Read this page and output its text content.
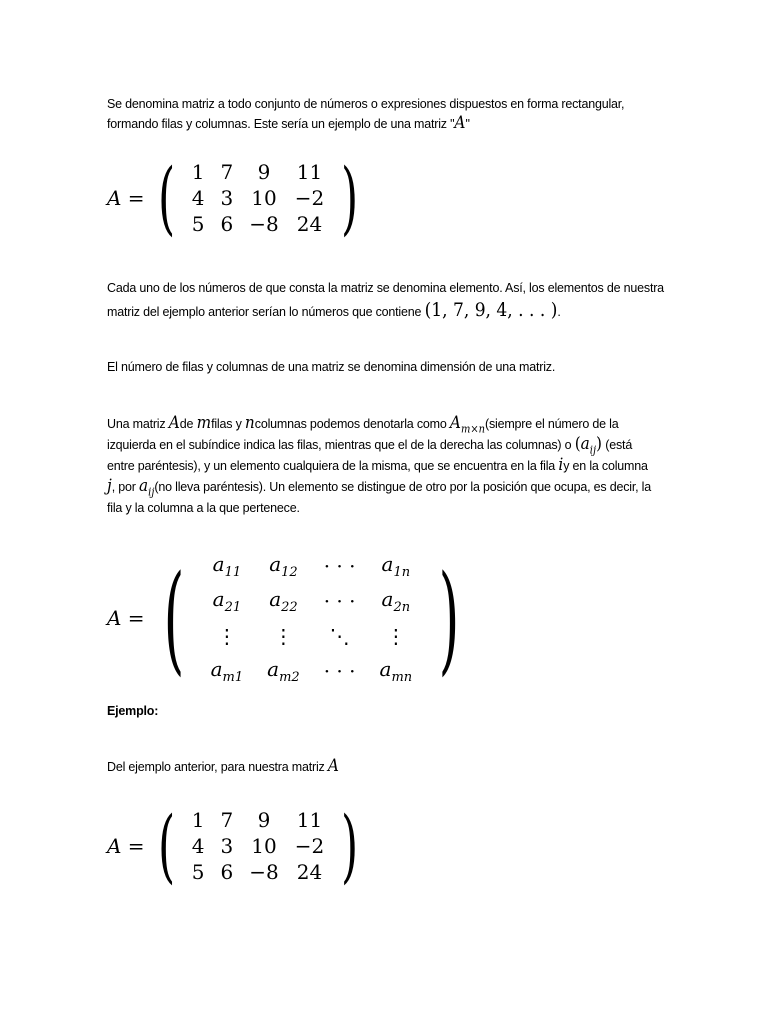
Se denomina matriz a todo conjunto de números o expresiones dispuestos en forma rectangular, formando filas y columnas. Este sería un ejemplo de una matriz "A"
A = ( 1	7	9	11
4	3	10	−2
5	6	−8	24 )
Cada uno de los números de que consta la matriz se denomina elemento. Así, los elementos de nuestra matriz del ejemplo anterior serían lo números que contiene (1, 7, 9, 4, . . . ).
El número de filas y columnas de una matriz se denomina dimensión de una matriz.
Una matriz Ade mfilas y ncolumnas podemos denotarla como $A_{m\times n}(siempre$ el número de la izquierda en el subíndice indica las filas, mientras que el de la derecha las columnas) o $(a_{ij})$ (está entre paréntesis), y un elemento cualquiera de la misma, que se encuentra en la fila iy en la columna j, por $a_{ij}(no$ lleva paréntesis). Un elemento se distingue de otro por la posición que ocupa, es decir, la fila y la columna a la que pertenece.
A = ( $a_{11}$	$a_{12}$	· · ·	$a_{1n}$
$a_{21}$	$a_{22}$	· · ·	$a_{2n}$
⋮	⋮	⋱	⋮
$a_{m1}$	$a_{m2}$	· · ·	$a_{mn}$ )
Ejemplo:
Del ejemplo anterior, para nuestra matriz A
A = ( 1	7	9	11
4	3	10	−2
5	6	−8	24 )
